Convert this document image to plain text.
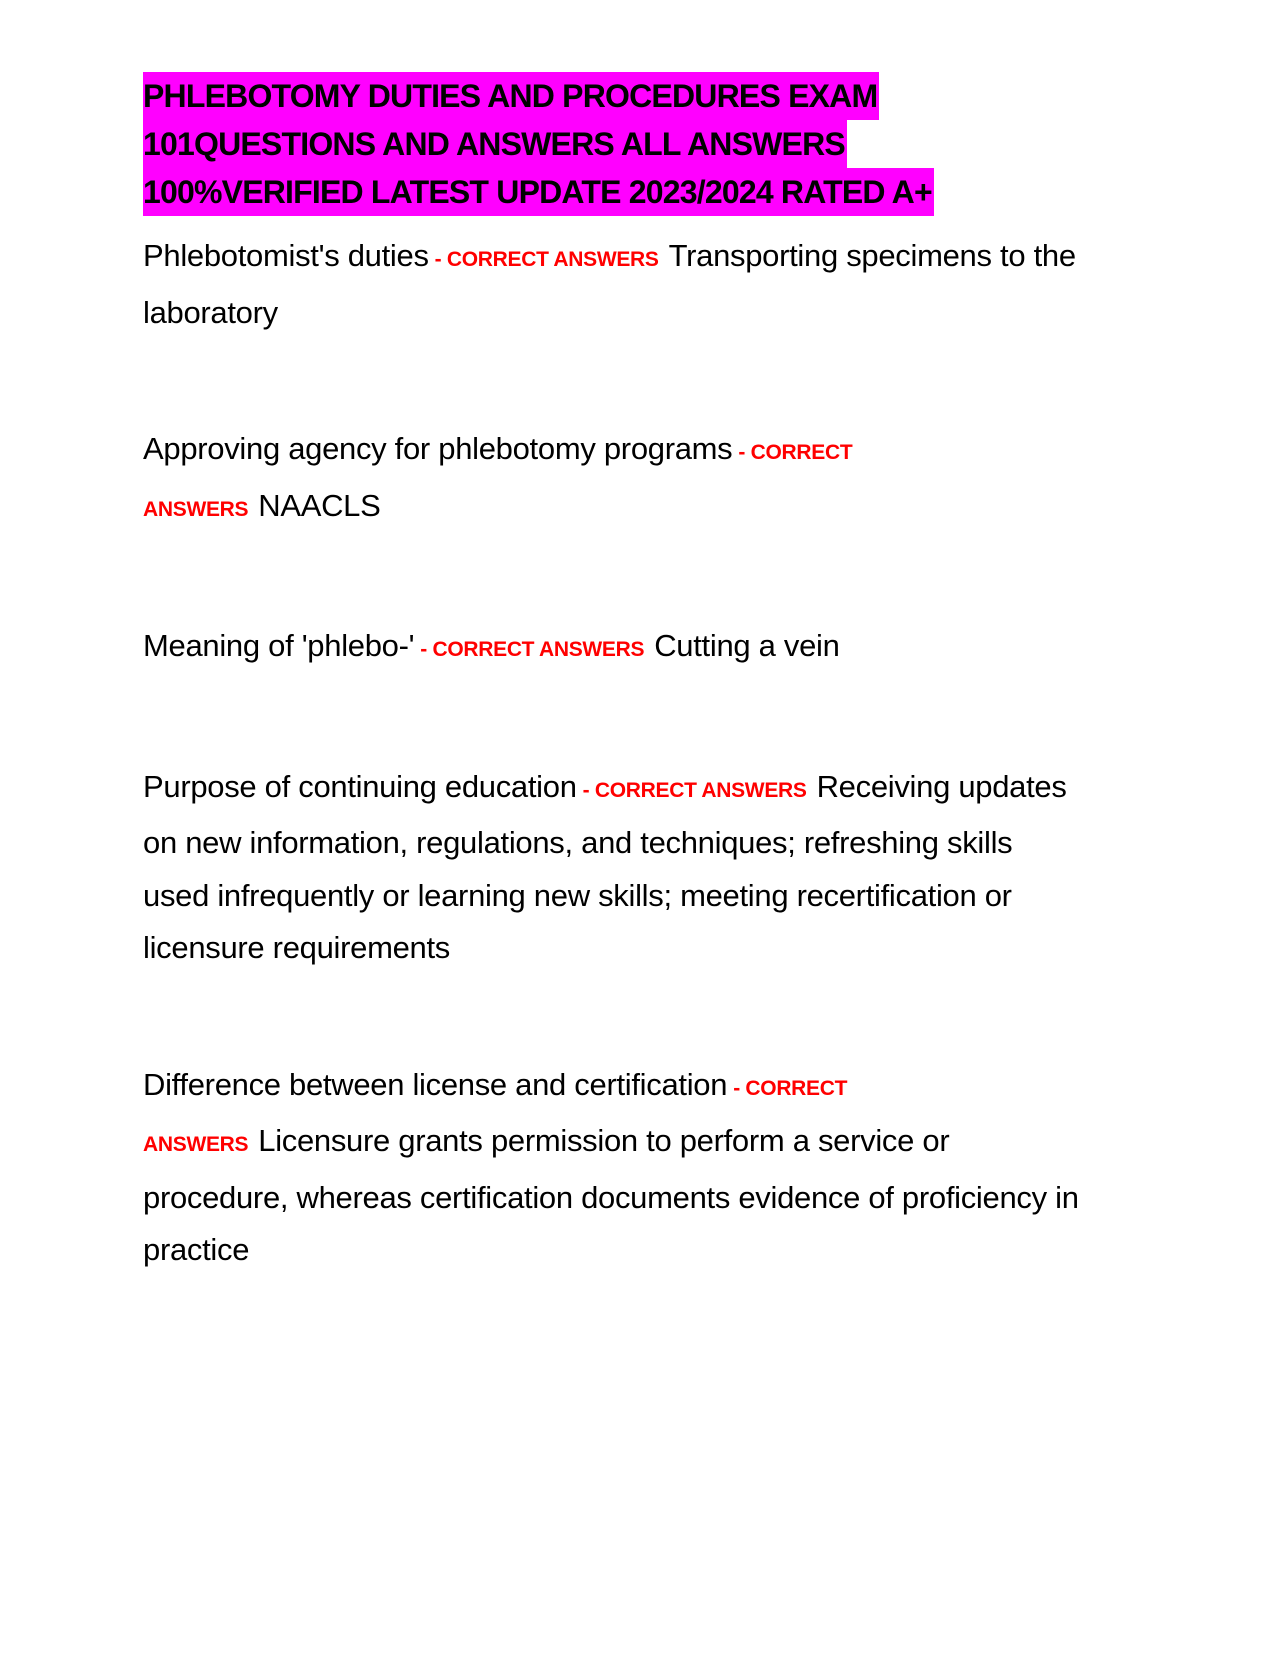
PHLEBOTOMY DUTIES AND PROCEDURES EXAM
101QUESTIONS AND ANSWERS ALL ANSWERS
100%VERIFIED LATEST UPDATE 2023/2024 RATED A+

Phlebotomist's duties - CORRECT ANSWERS Transporting specimens to the laboratory

Approving agency for phlebotomy programs - CORRECT ANSWERS NAACLS

Meaning of 'phlebo-' - CORRECT ANSWERS Cutting a vein

Purpose of continuing education - CORRECT ANSWERS Receiving updates on new information, regulations, and techniques; refreshing skills used infrequently or learning new skills; meeting recertification or licensure requirements

Difference between license and certification - CORRECT ANSWERS Licensure grants permission to perform a service or procedure, whereas certification documents evidence of proficiency in practice
